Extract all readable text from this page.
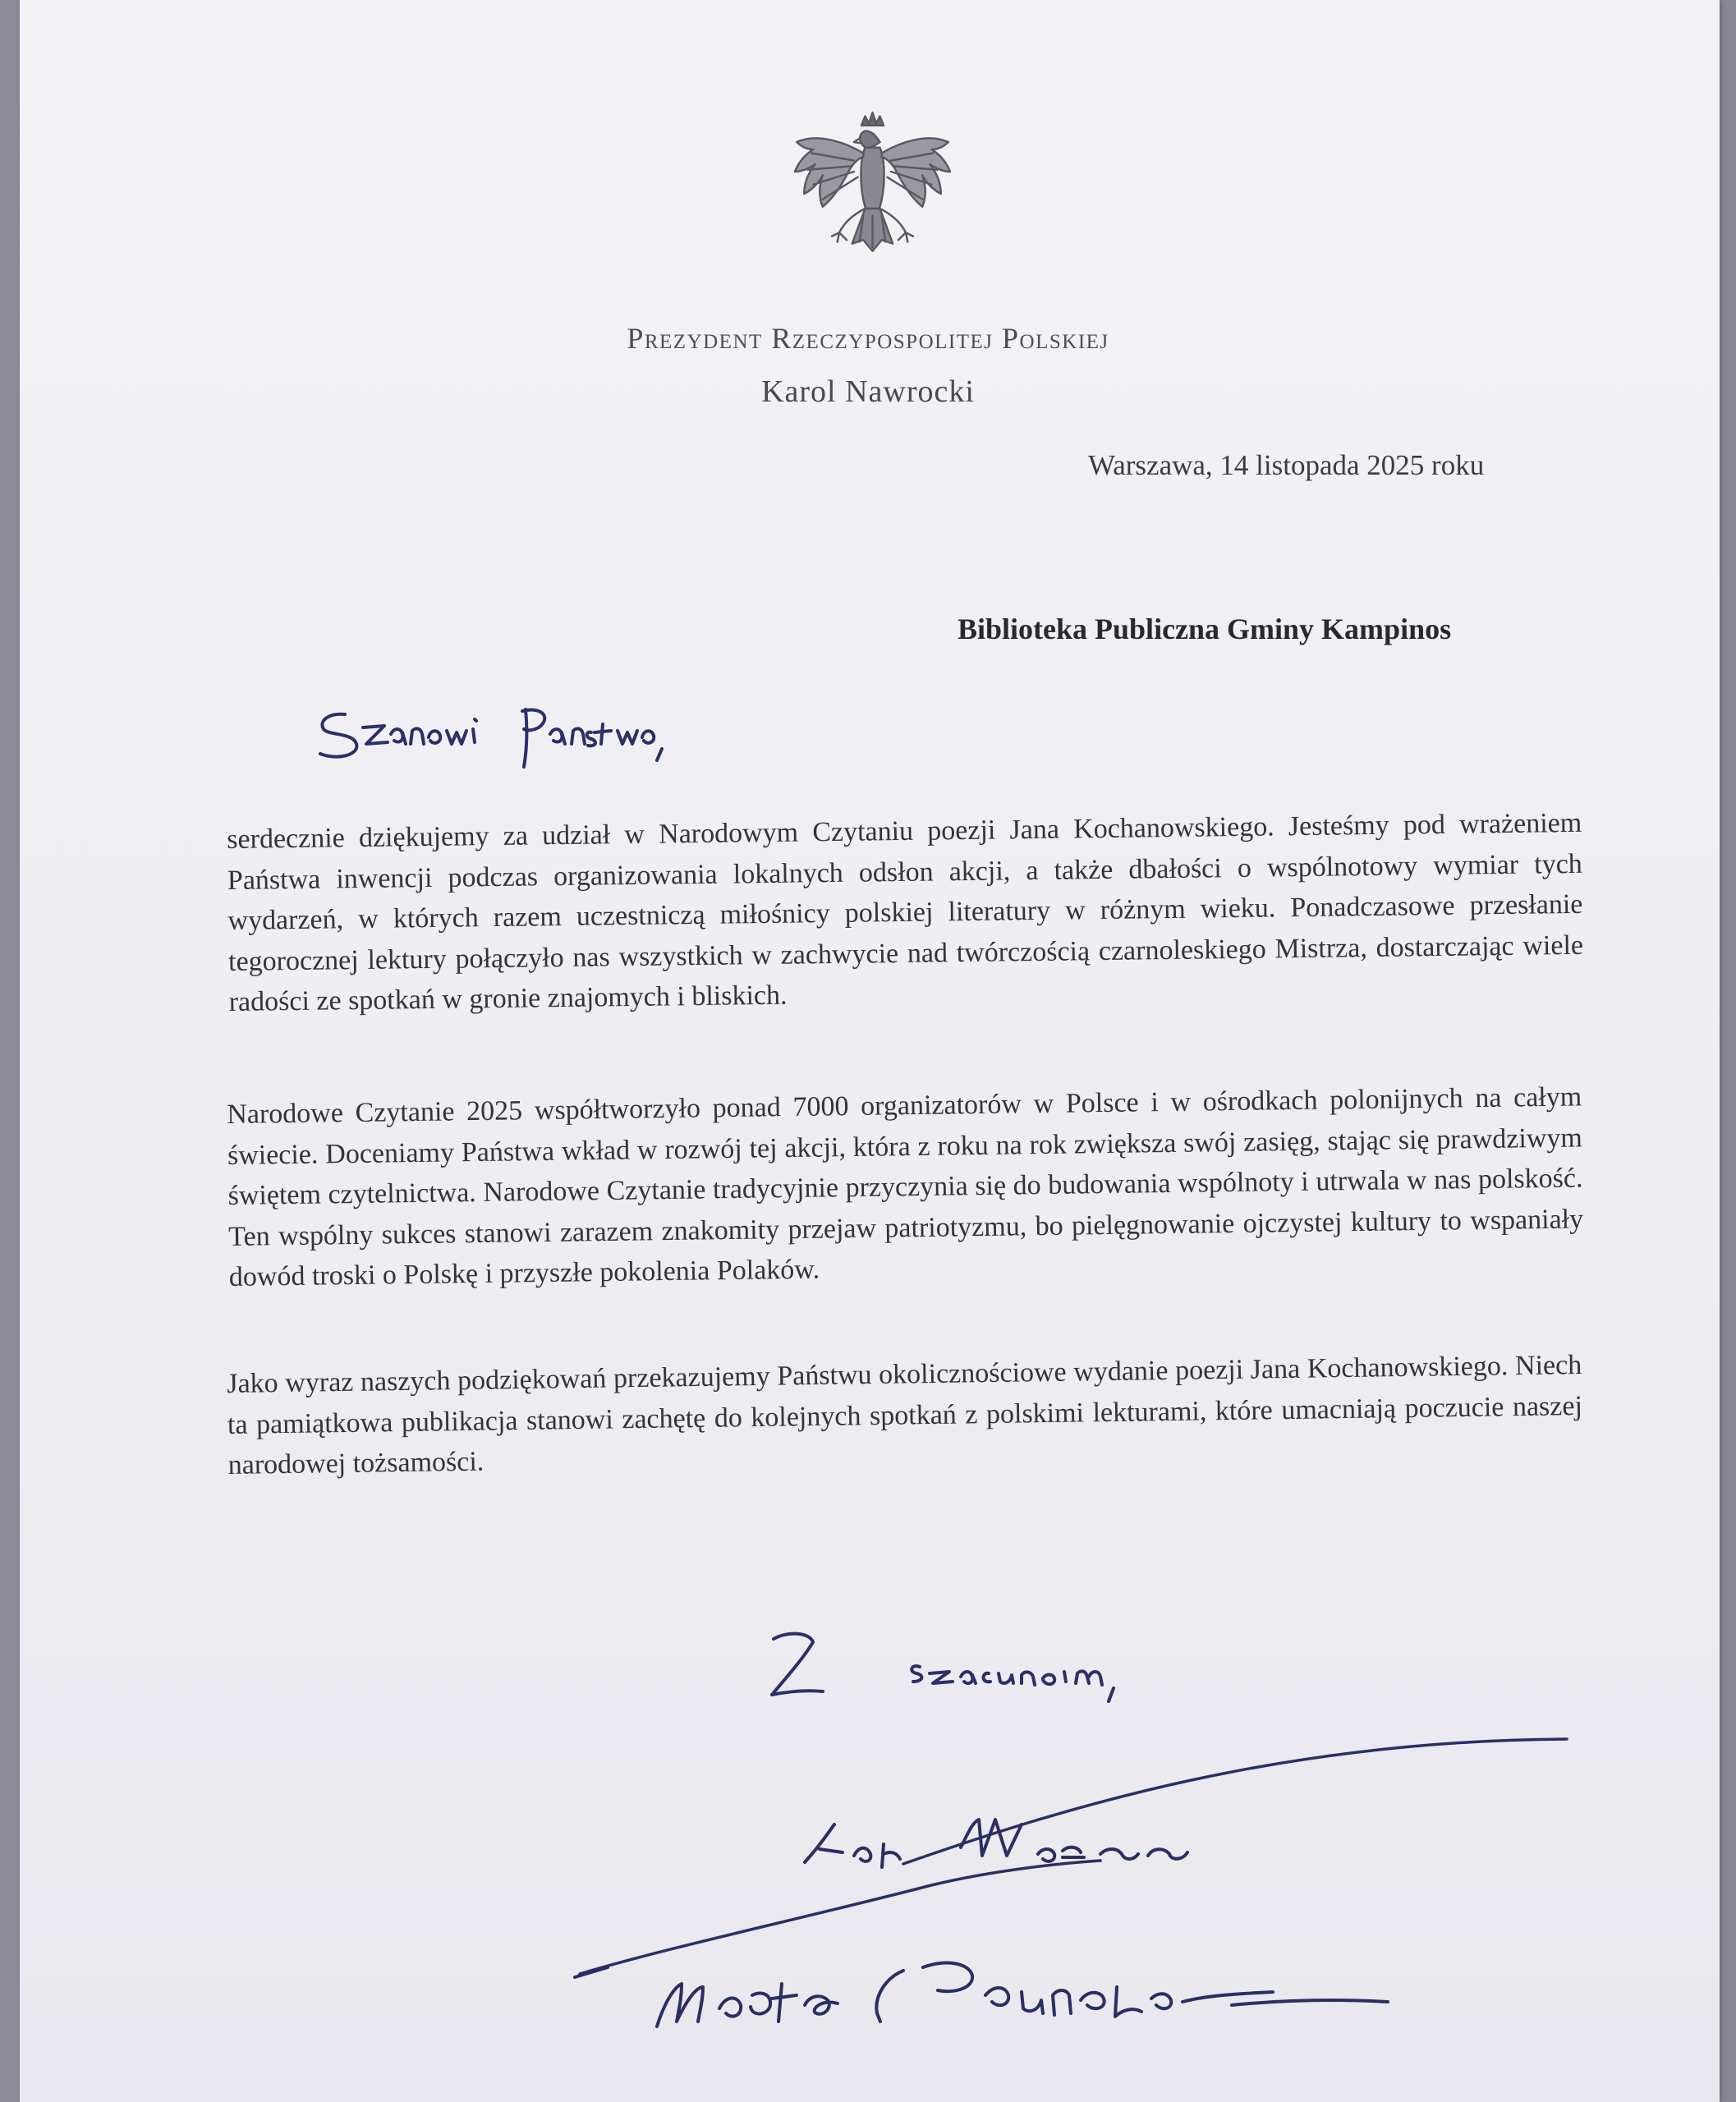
Prezydent Rzeczypospolitej Polskiej
Karol Nawrocki
Warszawa, 14 listopada 2025 roku
Biblioteka Publiczna Gminy Kampinos

serdecznie dziękujemy za udział w Narodowym Czytaniu poezji Jana Kochanowskiego. Jesteśmy pod wrażeniem Państwa inwencji podczas organizowania lokalnych odsłon akcji, a także dbałości o wspólnotowy wymiar tych wydarzeń, w których razem uczestniczą miłośnicy polskiej literatury w różnym wieku. Ponadczasowe przesłanie tegorocznej lektury połączyło nas wszystkich w zachwycie nad twórczością czarnoleskiego Mistrza, dostarczając wiele radości ze spotkań w gronie znajomych i bliskich.

Narodowe Czytanie 2025 współtworzyło ponad 7000 organizatorów w Polsce i w ośrodkach polonijnych na całym świecie. Doceniamy Państwa wkład w rozwój tej akcji, która z roku na rok zwiększa swój zasięg, stając się prawdziwym świętem czytelnictwa. Narodowe Czytanie tradycyjnie przyczynia się do budowania wspólnoty i utrwala w nas polskość. Ten wspólny sukces stanowi zarazem znakomity przejaw patriotyzmu, bo pielęgnowanie ojczystej kultury to wspaniały dowód troski o Polskę i przyszłe pokolenia Polaków.

Jako wyraz naszych podziękowań przekazujemy Państwu okolicznościowe wydanie poezji Jana Kochanowskiego. Niech ta pamiątkowa publikacja stanowi zachętę do kolejnych spotkań z polskimi lekturami, które umacniają poczucie naszej narodowej tożsamości.
